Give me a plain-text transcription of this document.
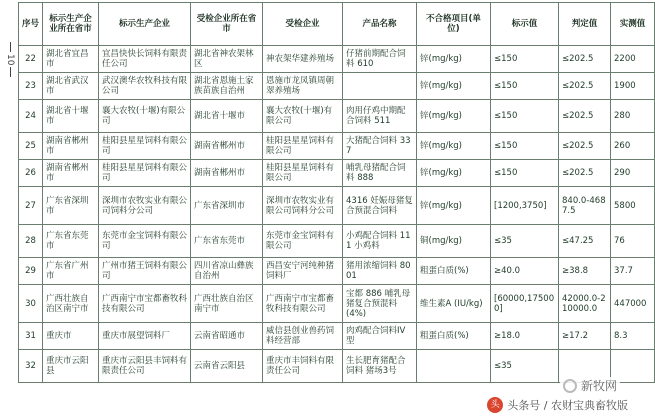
10
序号	标示生产企业所在省市	标示生产企业	受检企业所在省市	受检企业	产品名称	不合格项目(单位)	标示值	判定值	实测值
22	湖北省宜昌市	宜昌快快长饲料有限责任公司	湖北省神农架林区	神农架华建养殖场	仔猪前期配合饲料 610	锌(mg/kg)	≤150	≤202.5	2200
23	湖北省武汉市	武汉澳华农牧科技有限公司	湖北省恩施土家族苗族自治州	恩施市龙凤镇周朝翠养殖场		锌(mg/kg)	≤150	≤202.5	1900
24	湖北省十堰市	襄大农牧(十堰)有限公司	湖北省十堰市	襄大农牧(十堰)有限公司	肉用仔鸡中期配合饲料 511	锌(mg/kg)	≤150	≤202.5	280
25	湖南省郴州市	桂阳县星星饲料有限公司	湖南省郴州市	桂阳县星星饲料有限公司	大猪配合饲料 337	锌(mg/kg)	≤150	≤202.5	260
26	湖南省郴州市	桂阳县星星饲料有限公司	湖南省郴州市	桂阳县星星饲料有限公司	哺乳母猪配合饲料 888	锌(mg/kg)	≤150	≤202.5	290
27	广东省深圳市	深圳市农牧实业有限公司饲料分公司	广东省深圳市	深圳市农牧实业有限公司饲料分公司	4316 妊娠母猪复合预混合饲料	锌(mg/kg)	[1200,3750]	840.0-4687.5	5800
28	广东省东莞市	东莞市金宝饲料有限公司	广东省东莞市	东莞市金宝饲料有限公司	小鸡配合饲料 111 小鸡料	铜(mg/kg)	≤35	≤47.25	76
29	广东省广州市	广州市猪王饲料有限公司	四川省凉山彝族自治州	西昌安宁河纯种猪饲料厂	猪用浓缩饲料 8001	粗蛋白质(%)	≥40.0	≥38.8	37.7
30	广西壮族自治区南宁市	广西南宁市宝都畜牧科技有限公司	广西壮族自治区南宁市	广西南宁市宝都畜牧科技有限公司	宝都 886 哺乳母猪复合预混料(4%)	维生素A (IU/kg)	[60000,175000]	42000.0-210000.0	447000
31	重庆市	重庆市展望饲料厂	云南省昭通市	威信县创业兽药饲料经营部	肉鸡配合饲料IV型	粗蛋白质(%)	≥18.0	≥17.2	8.3
32	重庆市云阳县	重庆市云阳县丰饲料有限责任公司	云南省云阳县	重庆市丰饲料有限责任公司	生长肥育猪配合饲料 猪场3号		≤35		
新牧网
头 头条号 / 农财宝典畜牧版
